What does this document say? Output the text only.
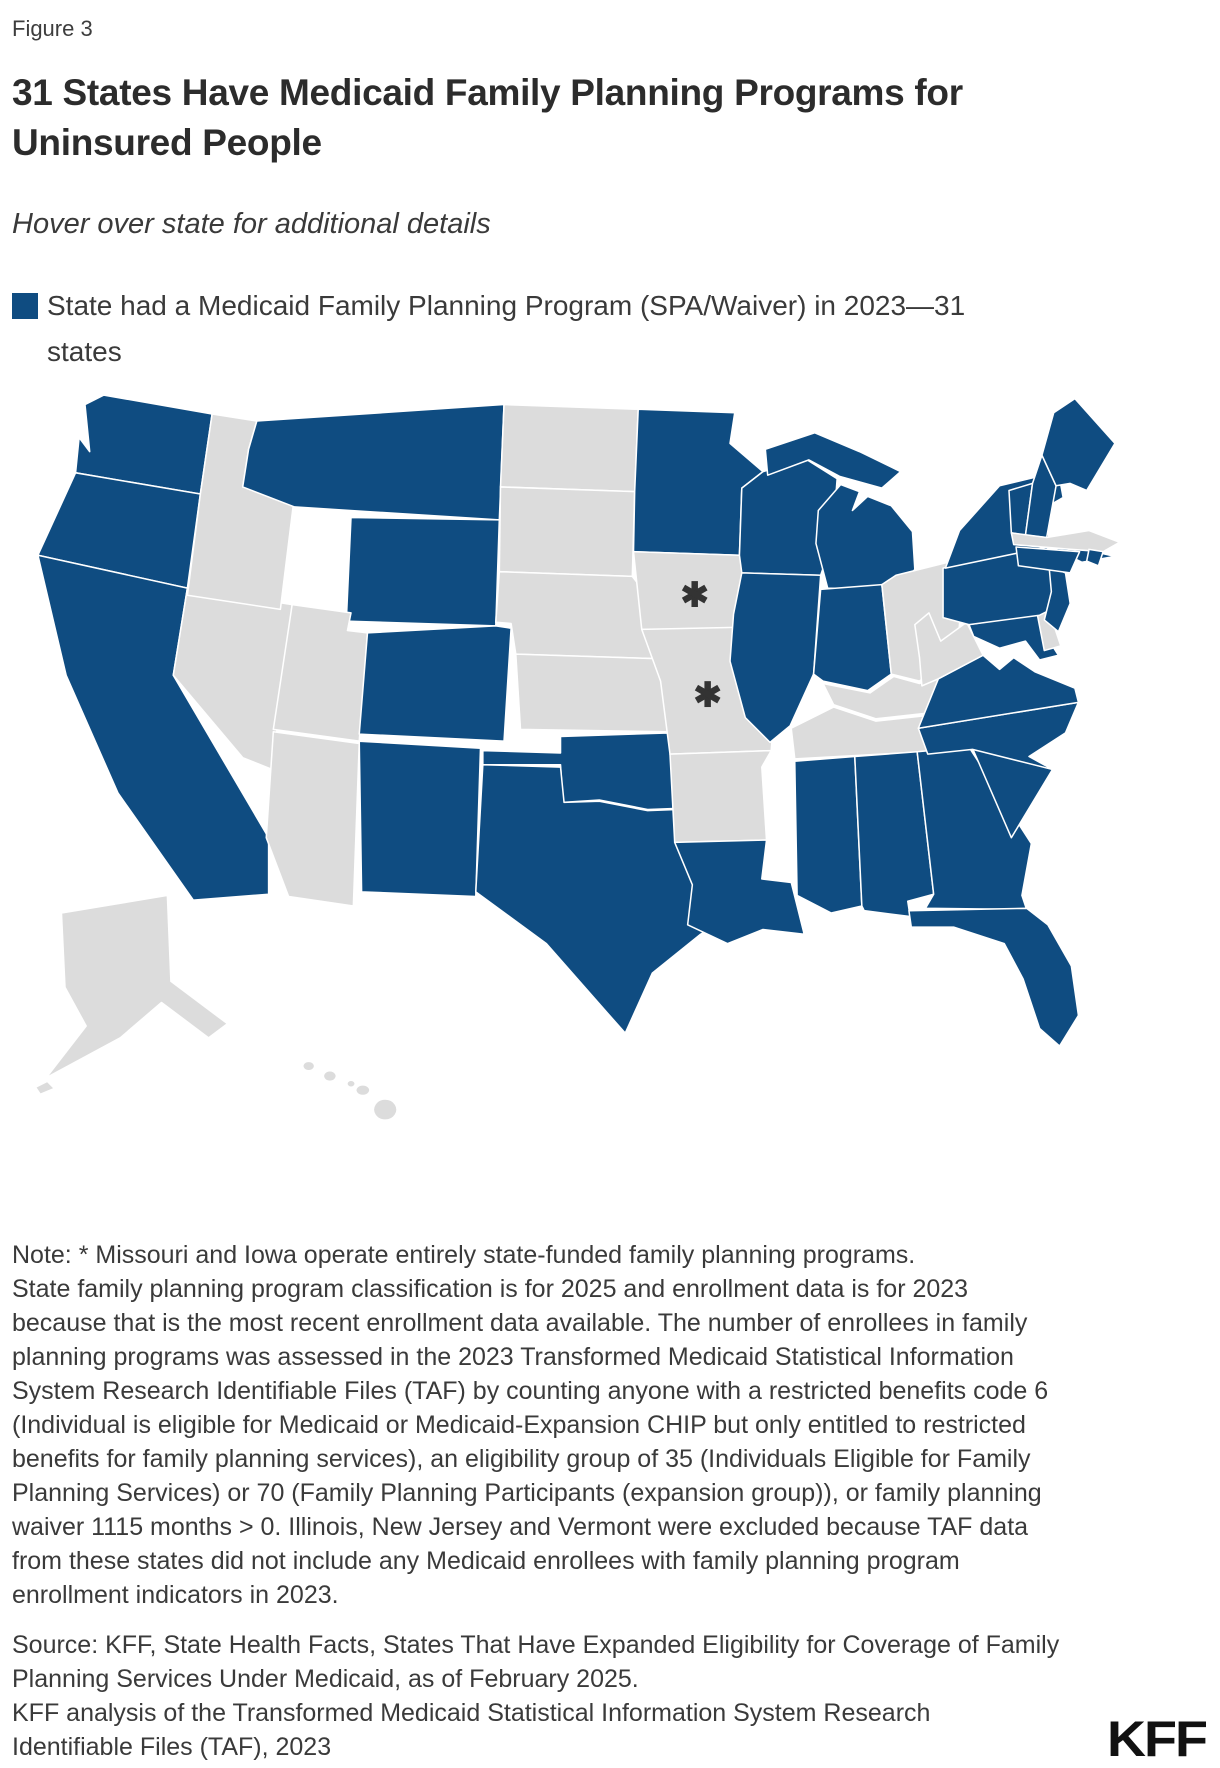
Figure 3
31 States Have Medicaid Family Planning Programs for Uninsured People
Hover over state for additional details
State had a Medicaid Family Planning Program (SPA/Waiver) in 2023—31 states
Note: * Missouri and Iowa operate entirely state-funded family planning programs.
State family planning program classification is for 2025 and enrollment data is for 2023
because that is the most recent enrollment data available. The number of enrollees in family
planning programs was assessed in the 2023 Transformed Medicaid Statistical Information
System Research Identifiable Files (TAF) by counting anyone with a restricted benefits code 6
(Individual is eligible for Medicaid or Medicaid-Expansion CHIP but only entitled to restricted
benefits for family planning services), an eligibility group of 35 (Individuals Eligible for Family
Planning Services) or 70 (Family Planning Participants (expansion group)), or family planning
waiver 1115 months > 0. Illinois, New Jersey and Vermont were excluded because TAF data
from these states did not include any Medicaid enrollees with family planning program
enrollment indicators in 2023.
Source: KFF, State Health Facts, States That Have Expanded Eligibility for Coverage of Family
Planning Services Under Medicaid, as of February 2025.
KFF analysis of the Transformed Medicaid Statistical Information System Research
Identifiable Files (TAF), 2023	KFF
